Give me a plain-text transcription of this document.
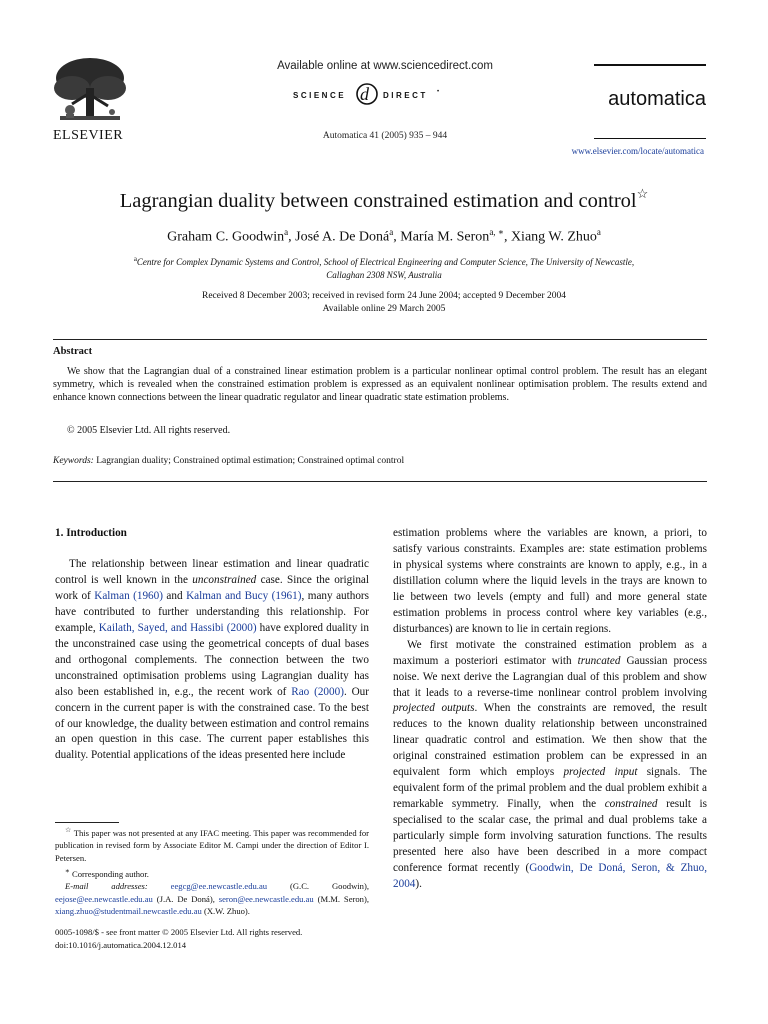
ELSEVIER
Available online at www.sciencedirect.com
SCIENCE d DIRECT •
Automatica 41 (2005) 935 – 944
automatica
www.elsevier.com/locate/automatica
Lagrangian duality between constrained estimation and control☆
Graham C. Goodwin$^a$, José A. De Doná$^a$, María M. Seron$^{a, ∗}$, Xiang W. Zhuo$^a$
$^a$Centre for Complex Dynamic Systems and Control, School of Electrical Engineering and Computer Science, The University of Newcastle,
Callaghan 2308 NSW, Australia
Received 8 December 2003; received in revised form 24 June 2004; accepted 9 December 2004
Available online 29 March 2005
Abstract
We show that the Lagrangian dual of a constrained linear estimation problem is a particular nonlinear optimal control problem. The result has an elegant symmetry, which is revealed when the constrained estimation problem is expressed as an equivalent nonlinear optimisation problem. The results extend and enhance known connections between the linear quadratic regulator and linear quadratic state estimation problems.
© 2005 Elsevier Ltd. All rights reserved.
Keywords: Lagrangian duality; Constrained optimal estimation; Constrained optimal control
1. Introduction

The relationship between linear estimation and linear quadratic control is well known in the unconstrained case. Since the original work of Kalman (1960) and Kalman and Bucy (1961), many authors have contributed to further understanding this relationship. For example, Kailath, Sayed, and Hassibi (2000) have explored duality in the unconstrained case using the geometrical concepts of dual bases and orthogonal complements. The connection between the two unconstrained optimisation problems using Lagrangian duality has also been established in, e.g., the recent work of Rao (2000). Our concern in the current paper is with the constrained case. To the best of our knowledge, the duality between estimation and control remains an open question in this case. The current paper establishes this duality. Potential applications of the ideas presented here include

☆ This paper was not presented at any IFAC meeting. This paper was recommended for publication in revised form by Associate Editor M. Campi under the direction of Editor I. Petersen.

∗ Corresponding author.

E-mail addresses:	eegcg@ee.newcastle.edu.au (G.C. Goodwin), eejose@ee.newcastle.edu.au (J.A. De Doná), seron@ee.newcastle.edu.au (M.M. Seron), xiang.zhuo@studentmail.newcastle.edu.au (X.W. Zhuo).

0005-1098/$ - see front matter © 2005 Elsevier Ltd. All rights reserved.
doi:10.1016/j.automatica.2004.12.014

estimation problems where the variables are known, a priori, to satisfy various constraints. Examples are: state estimation problems in physical systems where constraints are known to apply, e.g., in a distillation column where the liquid levels in the trays are known to lie between two levels (empty and full) and more general state estimation problems in process control where key variables (e.g., disturbances) are known to lie in certain regions.

We first motivate the constrained estimation problem as a maximum a posteriori estimator with truncated Gaussian process noise. We next derive the Lagrangian dual of this problem and show that it leads to a reverse-time nonlinear control problem involving projected outputs. When the constraints are removed, the result reduces to the known duality relationship between unconstrained linear quadratic control and estimation. We then show that the original constrained estimation problem can be expressed in an equivalent form which employs projected input signals. The equivalent form of the primal problem and the dual problem exhibit a remarkable symmetry. Finally, when the constrained result is specialised to the scalar case, the primal and dual problems take a particularly simple form involving saturation functions. The results presented here also have been described in a more compact conference format recently (Goodwin, De Doná, Seron, & Zhuo, 2004).
